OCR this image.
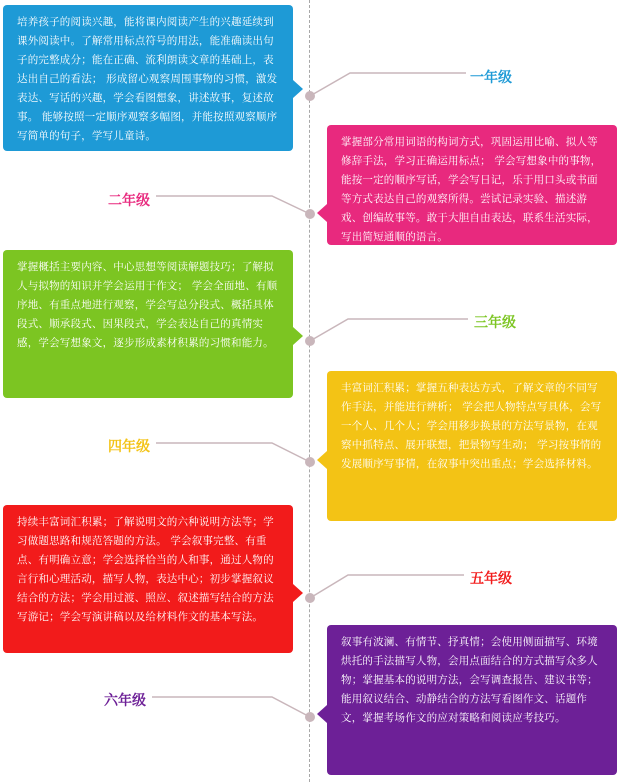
培养孩子的阅读兴趣，能将课内阅读产生的兴趣延续到课外阅读中。了解常用标点符号的用法，能准确读出句子的完整成分；能在正确、流利朗读文章的基础上，表达出自己的看法； 形成留心观察周围事物的习惯，激发表达、写话的兴趣，学会看图想象，讲述故事，复述故事。 能够按照一定顺序观察多幅图，并能按照观察顺序写简单的句子，学写儿童诗。
一年级
掌握部分常用词语的构词方式，巩固运用比喻、拟人等修辞手法，学习正确运用标点； 学会写想象中的事物，能按一定的顺序写话，学会写日记，乐于用口头或书面等方式表达自己的观察所得。尝试记录实验、描述游戏、创编故事等。敢于大胆自由表达，联系生活实际，写出简短通顺的语言。
二年级
掌握概括主要内容、中心思想等阅读解题技巧；了解拟人与拟物的知识并学会运用于作文； 学会全面地、有顺序地、有重点地进行观察，学会写总分段式、概括具体段式、顺承段式、因果段式，学会表达自己的真情实感，学会写想象文，逐步形成素材积累的习惯和能力。
三年级
丰富词汇积累；掌握五种表达方式，了解文章的不同写作手法，并能进行辨析； 学会把人物特点写具体，会写一个人、几个人；学会用移步换景的方法写景物，在观察中抓特点、展开联想，把景物写生动； 学习按事情的发展顺序写事情，在叙事中突出重点；学会选择材料。
四年级
持续丰富词汇积累；了解说明文的六种说明方法等；学习做题思路和规范答题的方法。 学会叙事完整、有重点、有明确立意；学会选择恰当的人和事，通过人物的言行和心理活动，描写人物，表达中心；初步掌握叙议结合的方法；学会用过渡、照应、叙述描写结合的方法写游记；学会写演讲稿以及给材料作文的基本写法。
五年级
叙事有波澜、有情节、抒真情；会使用侧面描写、环境烘托的手法描写人物，会用点面结合的方式描写众多人物；掌握基本的说明方法，会写调查报告、建议书等；能用叙议结合、动静结合的方法写看图作文、话题作文，掌握考场作文的应对策略和阅读应考技巧。
六年级
